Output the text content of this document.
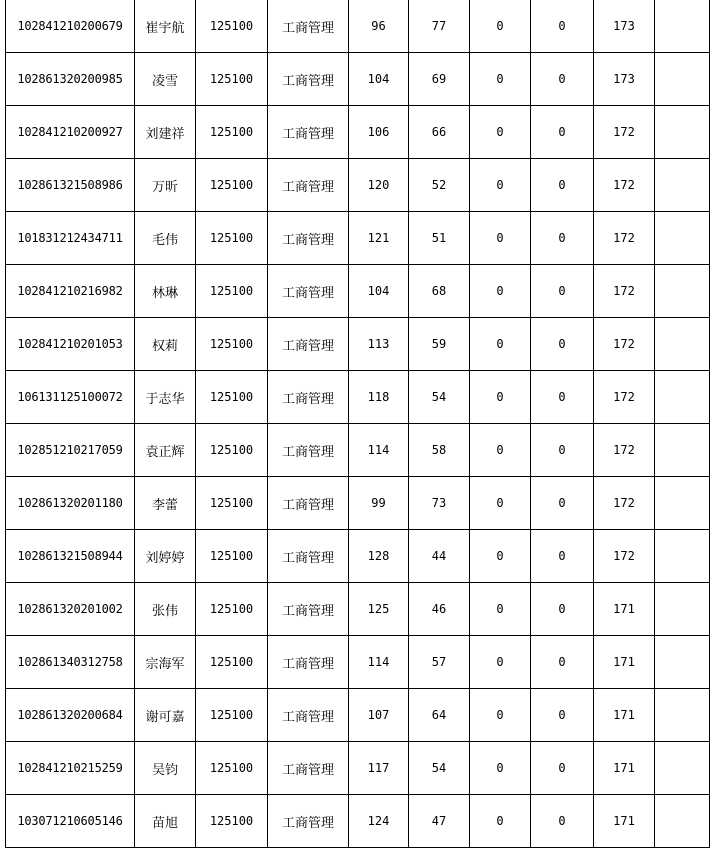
102841210200679	崔宇航	125100	工商管理	96	77	0	0	173	
102861320200985	凌雪	125100	工商管理	104	69	0	0	173	
102841210200927	刘建祥	125100	工商管理	106	66	0	0	172	
102861321508986	万昕	125100	工商管理	120	52	0	0	172	
101831212434711	毛伟	125100	工商管理	121	51	0	0	172	
102841210216982	林琳	125100	工商管理	104	68	0	0	172	
102841210201053	权莉	125100	工商管理	113	59	0	0	172	
106131125100072	于志华	125100	工商管理	118	54	0	0	172	
102851210217059	袁正辉	125100	工商管理	114	58	0	0	172	
102861320201180	李蕾	125100	工商管理	99	73	0	0	172	
102861321508944	刘婷婷	125100	工商管理	128	44	0	0	172	
102861320201002	张伟	125100	工商管理	125	46	0	0	171	
102861340312758	宗海军	125100	工商管理	114	57	0	0	171	
102861320200684	谢可嘉	125100	工商管理	107	64	0	0	171	
102841210215259	吴钧	125100	工商管理	117	54	0	0	171	
103071210605146	苗旭	125100	工商管理	124	47	0	0	171	
